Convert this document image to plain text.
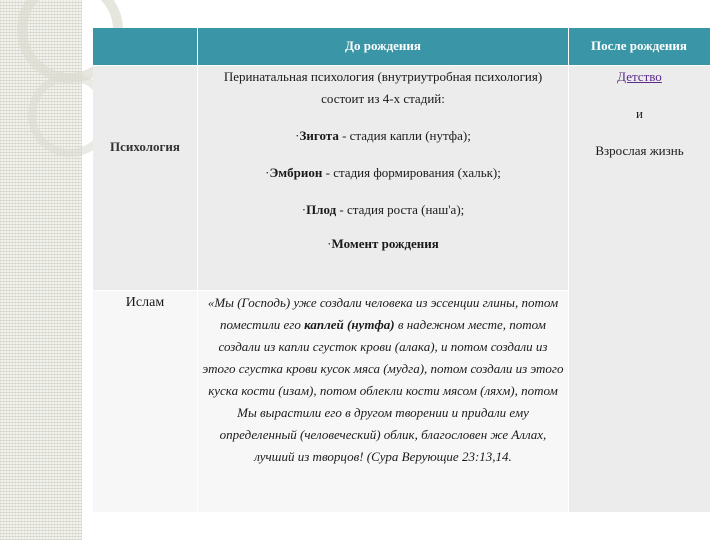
До рождения	После рождения
Психология
Перинатальная психология (внутриутробная психология) состоит из 4-х стадий:
·Зигота - стадия капли (нутфа);
·Эмбрион - стадия формирования (хальк);
·Плод - стадия роста (наш'а);
·Момент рождения
Детство
и
Взрослая жизнь
Ислам	«Мы (Господь) уже создали человека из эссенции глины, потом поместили его каплей (нутфа) в надежном месте, потом создали из капли сгусток крови (алака), и потом создали из этого сгустка крови кусок мяса (мудга), потом создали из этого куска кости (изам), потом облекли кости мясом (ляхм), потом Мы вырастили его в другом творении и придали ему определенный (человеческий) облик, благословен же Аллах, лучший из творцов! (Сура Верующие 23:13,14.
